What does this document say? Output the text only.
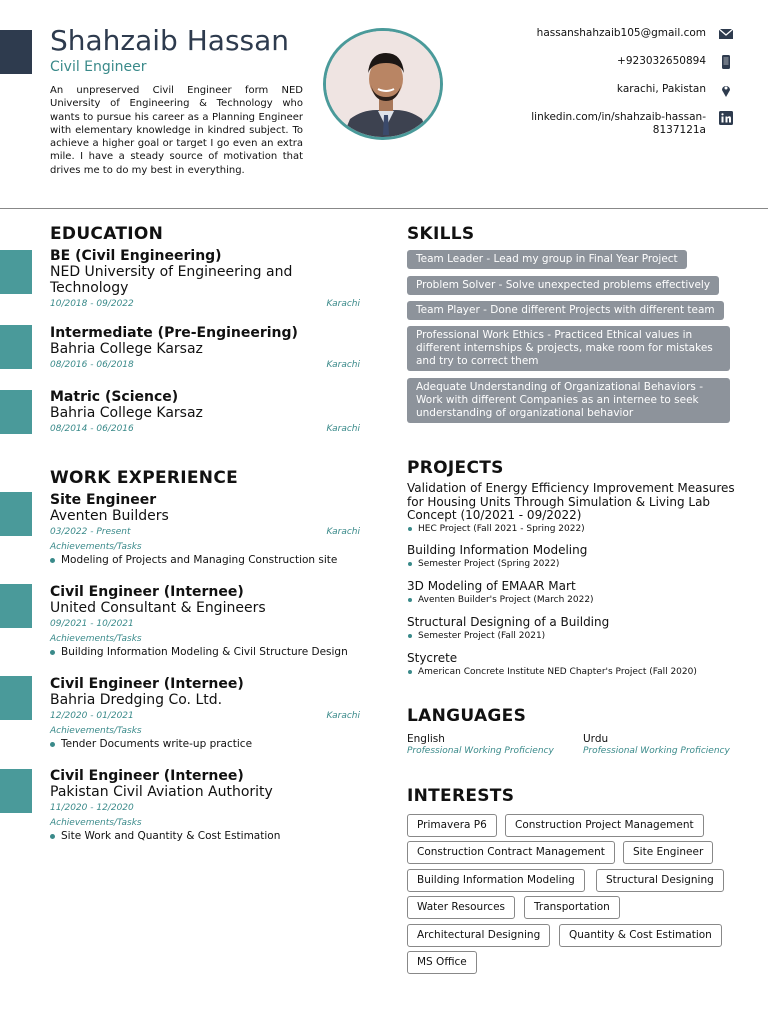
Shahzaib Hassan
Civil Engineer
An unpreserved Civil Engineer form NED University of Engineering & Technology who wants to pursue his career as a Planning Engineer with elementary knowledge in kindred subject. To achieve a higher goal or target I go even an extra mile. I have a steady source of motivation that drives me to do my best in everything.
hassanshahzaib105@gmail.com
+923032650894
karachi, Pakistan
linkedin.com/in/shahzaib-hassan-8137121a
EDUCATION
BE (Civil Engineering)
NED University of Engineering and Technology
10/2018 - 09/2022	Karachi
Intermediate (Pre-Engineering)
Bahria College Karsaz
08/2016 - 06/2018	Karachi
Matric (Science)
Bahria College Karsaz
08/2014 - 06/2016	Karachi
WORK EXPERIENCE
Site Engineer
Aventen Builders
03/2022 - Present	Karachi
Achievements/Tasks
Modeling of Projects and Managing Construction site
Civil Engineer (Internee)
United Consultant & Engineers
09/2021 - 10/2021
Achievements/Tasks
Building Information Modeling & Civil Structure Design
Civil Engineer (Internee)
Bahria Dredging Co. Ltd.
12/2020 - 01/2021	Karachi
Achievements/Tasks
Tender Documents write-up practice
Civil Engineer (Internee)
Pakistan Civil Aviation Authority
11/2020 - 12/2020
Achievements/Tasks
Site Work and Quantity & Cost Estimation
SKILLS
Team Leader - Lead my group in Final Year Project
Problem Solver - Solve unexpected problems effectively
Team Player - Done different Projects with different team
Professional Work Ethics - Practiced Ethical values in different internships & projects, make room for mistakes and try to correct them
Adequate Understanding of Organizational Behaviors - Work with different Companies as an internee to seek understanding of organizational behavior
PROJECTS
Validation of Energy Efficiency Improvement Measures for Housing Units Through Simulation & Living Lab Concept (10/2021 - 09/2022)
HEC Project (Fall 2021 - Spring 2022)
Building Information Modeling
Semester Project (Spring 2022)
3D Modeling of EMAAR Mart
Aventen Builder's Project (March 2022)
Structural Designing of a Building
Semester Project (Fall 2021)
Stycrete
American Concrete Institute NED Chapter's Project (Fall 2020)
LANGUAGES
English
Professional Working Proficiency
Urdu
Professional Working Proficiency
INTERESTS
Primavera P6	Construction Project Management
Construction Contract Management	Site Engineer
Building Information Modeling	Structural Designing
Water Resources	Transportation
Architectural Designing	Quantity & Cost Estimation
MS Office
